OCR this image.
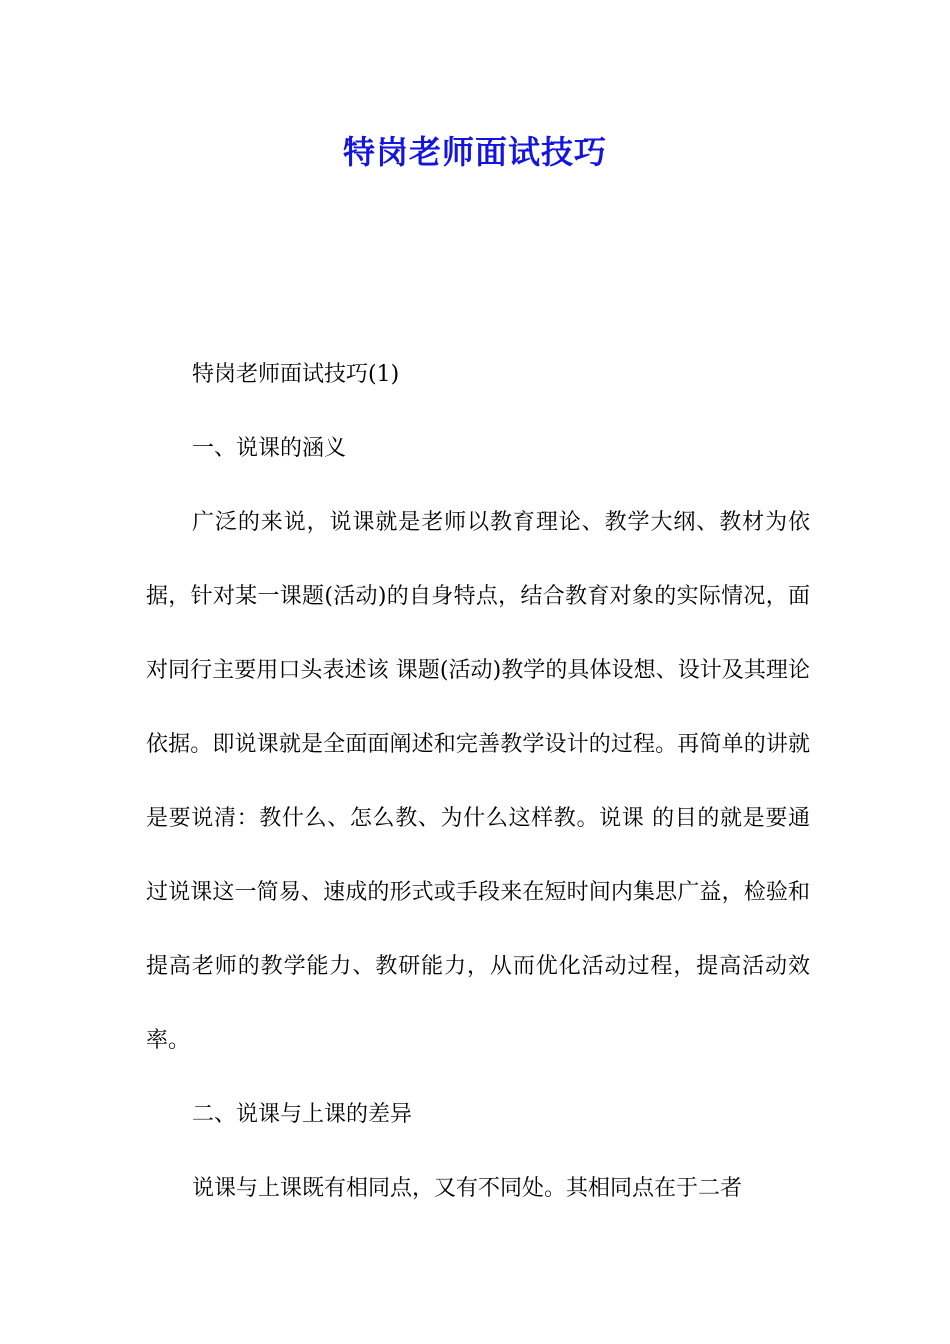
特岗老师面试技巧

特岗老师面试技巧(1)

一、说课的涵义

广泛的来说，说课就是老师以教育理论、教学大纲、教材为依据，针对某一课题(活动)的自身特点，结合教育对象的实际情况，面对同行主要用口头表述该 课题(活动)教学的具体设想、设计及其理论依据。即说课就是全面面阐述和完善教学设计的过程。再简单的讲就是要说清：教什么、怎么教、为什么这样教。说课 的目的就是要通过说课这一简易、速成的形式或手段来在短时间内集思广益，检验和提高老师的教学能力、教研能力，从而优化活动过程，提高活动效率。

二、说课与上课的差异

说课与上课既有相同点，又有不同处。其相同点在于二者
